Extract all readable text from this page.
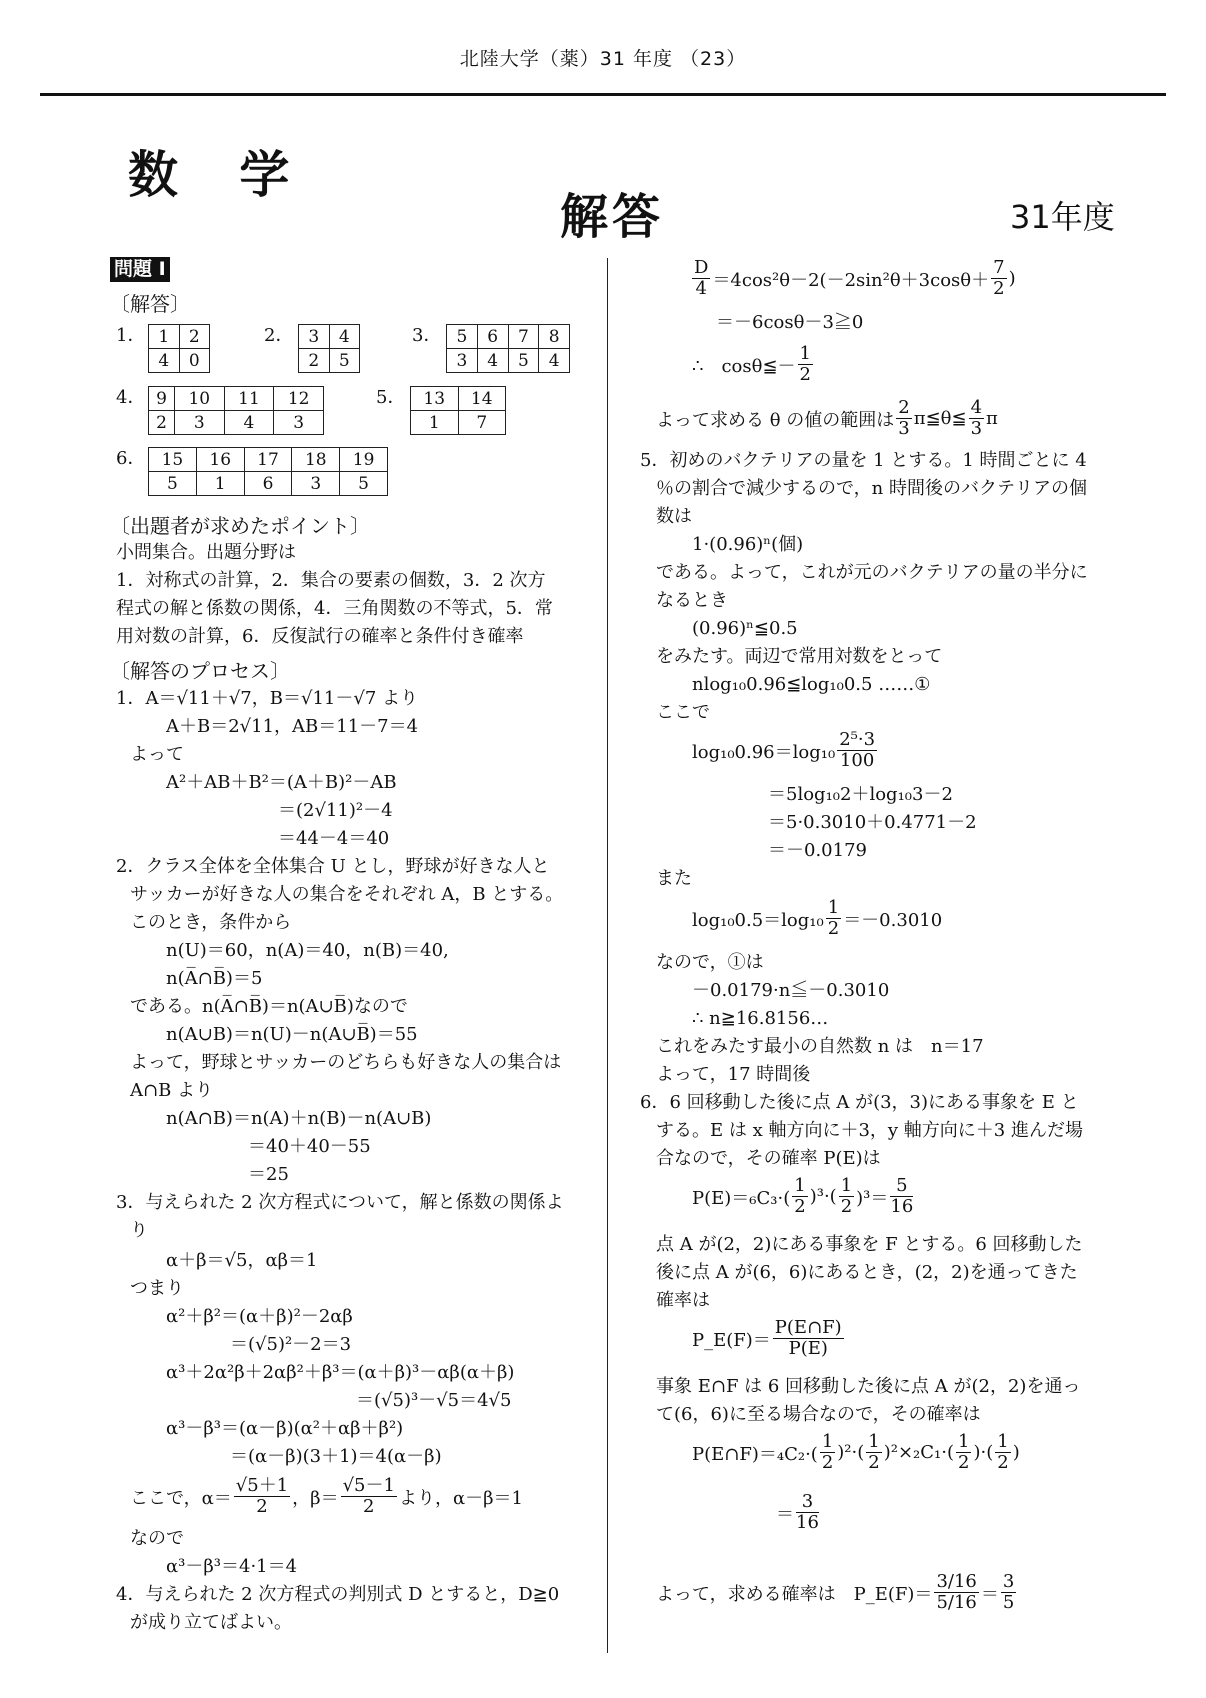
北陸大学（薬）31 年度 （23）
数 学
解答	31年度
問題 I
〔解答〕
1． 1	2
4	0
2． 3	4
2	5
3． 5	6	7	8
3	4	5	4
4． 9	10	11	12
2	3	4	3
5． 13	14
1	7
6． 15	16	17	18	19
5	1	6	3	5
〔出題者が求めたポイント〕
小問集合。出題分野は
1．対称式の計算，2．集合の要素の個数，3．2 次方
程式の解と係数の関係，4．三角関数の不等式，5．常
用対数の計算，6．反復試行の確率と条件付き確率
〔解答のプロセス〕
1．A＝√11＋√7，B＝√11－√7 より
A＋B＝2√11，AB＝11－7＝4
よって
A²＋AB＋B²＝(A＋B)²－AB
＝(2√11)²－4
＝44－4＝40
2．クラス全体を全体集合 U とし，野球が好きな人と
サッカーが好きな人の集合をそれぞれ A，B とする。
このとき，条件から
n(U)＝60，n(A)＝40，n(B)＝40,
n(A̅∩B̅)＝5
である。n(A̅∩B̅)＝n(A∪B̅)なので
n(A∪B)＝n(U)－n(A∪B̅)＝55
よって，野球とサッカーのどちらも好きな人の集合は
A∩B より
n(A∩B)＝n(A)＋n(B)－n(A∪B)
＝40＋40－55
＝25
3．与えられた 2 次方程式について，解と係数の関係よ
り
α＋β＝√5，αβ＝1
つまり
α²＋β²＝(α＋β)²－2αβ
＝(√5)²－2＝3
α³＋2α²β＋2αβ²＋β³＝(α＋β)³－αβ(α＋β)
＝(√5)³－√5＝4√5
α³－β³＝(α－β)(α²＋αβ＋β²)
＝(α－β)(3＋1)＝4(α－β)
ここで，$\alpha= \frac{√5+1}{2}$ ，$\beta= \frac{√5-1}{2}$ より，α－β＝1
なので
α³－β³＝4·1＝4
4．与えられた 2 次方程式の判別式 D とすると，D≧0
が成り立てばよい。
$\frac{D}{4} =4\cos^2\theta-2(-2\sin^2\theta+3\cos\theta+ \frac{7}{2}$ )
＝－6cosθ－3≧0
∴　cosθ≦－ $\frac{1}{2}$
よって求める θ の値の範囲は $\frac{2}{3}$ π≦θ≦ $\frac{4}{3}$ π
5．初めのバクテリアの量を 1 とする。1 時間ごとに 4
％の割合で減少するので，n 時間後のバクテリアの個
数は
1·(0.96)ⁿ(個)
である。よって，これが元のバクテリアの量の半分に
なるとき
(0.96)ⁿ≦0.5
をみたす。両辺で常用対数をとって
nlog₁₀0.96≦log₁₀0.5 ……①
ここで
$\log_{10}0.96=\log_{10} \frac{\text{2⁵·3}}{100}$
＝5log₁₀2＋log₁₀3－2
＝5·0.3010＋0.4771－2
＝－0.0179
また
$\log_{10}0.5=\log_{10} \frac{1}{2} =-0.3010$
なので，①は
－0.0179·n≦－0.3010
∴ n≧16.8156…
これをみたす最小の自然数 n は　n＝17
よって，17 時間後
6．6 回移動した後に点 A が(3，3)にある事象を E と
する。E は x 軸方向に＋3，y 軸方向に＋3 進んだ場
合なので，その確率 P(E)は
$P(E)=_6C_3\cdot( \frac{1}{2} )^3\cdot( \frac{1}{2} )^3= \frac{5}{16}$
点 A が(2，2)にある事象を F とする。6 回移動した
後に点 A が(6，6)にあるとき，(2，2)を通ってきた
確率は
P_E(F)＝ $\frac{P(E\cap F)}{P(E)}$
事象 E∩F は 6 回移動した後に点 A が(2，2)を通っ
て(6，6)に至る場合なので，その確率は
P(E∩F)＝₄C₂·( $\frac{1}{2} )^2\cdot( \frac{1}{2} )^2\times_2C_1\cdot( \frac{1}{2}$ )·( $\frac{1}{2}$ )
＝ $\frac{3}{16}$
よって，求める確率は　P_E(F)＝ $\frac{3/16}{5/16} = \frac{3}{5}$
